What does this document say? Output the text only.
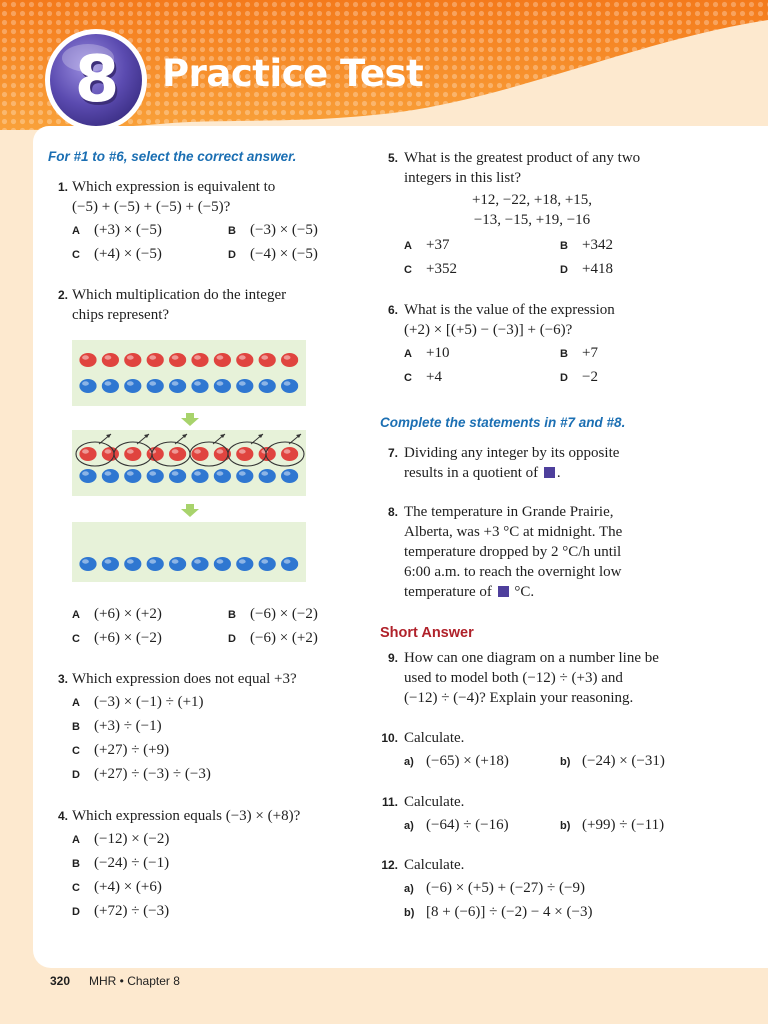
8	Practice Test
For #1 to #6, select the correct answer.
1. Which expression is equivalent to
(−5) + (−5) + (−5) + (−5)?
A (+3) × (−5)	B (−3) × (−5)
C (+4) × (−5)	D (−4) × (−5)
2. Which multiplication do the integer
chips represent?
A (+6) × (+2)	B (−6) × (−2)
C (+6) × (−2)	D (−6) × (+2)
3. Which expression does not equal +3?
A (−3) × (−1) ÷ (+1)
B (+3) ÷ (−1)
C (+27) ÷ (+9)
D (+27) ÷ (−3) ÷ (−3)
4. Which expression equals (−3) × (+8)?
A (−12) × (−2)
B (−24) ÷ (−1)
C (+4) × (+6)
D (+72) ÷ (−3)
5. What is the greatest product of any two
integers in this list?
+12, −22, +18, +15,
−13, −15, +19, −16
A +37	B +342
C +352	D +418
6. What is the value of the expression
(+2) × [(+5) − (−3)] + (−6)?
A +10	B +7
C +4	D −2
Complete the statements in #7 and #8.
7. Dividing any integer by its opposite
results in a quotient of .
8. The temperature in Grande Prairie,
Alberta, was +3 °C at midnight. The
temperature dropped by 2 °C/h until
6:00 a.m. to reach the overnight low
temperature of °C.
Short Answer
9. How can one diagram on a number line be
used to model both (−12) ÷ (+3) and
(−12) ÷ (−4)? Explain your reasoning.
10. Calculate.
a) (−65) × (+18)	b) (−24) × (−31)
11. Calculate.
a) (−64) ÷ (−16)	b) (+99) ÷ (−11)
12. Calculate.
a) (−6) × (+5) + (−27) ÷ (−9)
b) [8 + (−6)] ÷ (−2) − 4 × (−3)
320 MHR • Chapter 8
